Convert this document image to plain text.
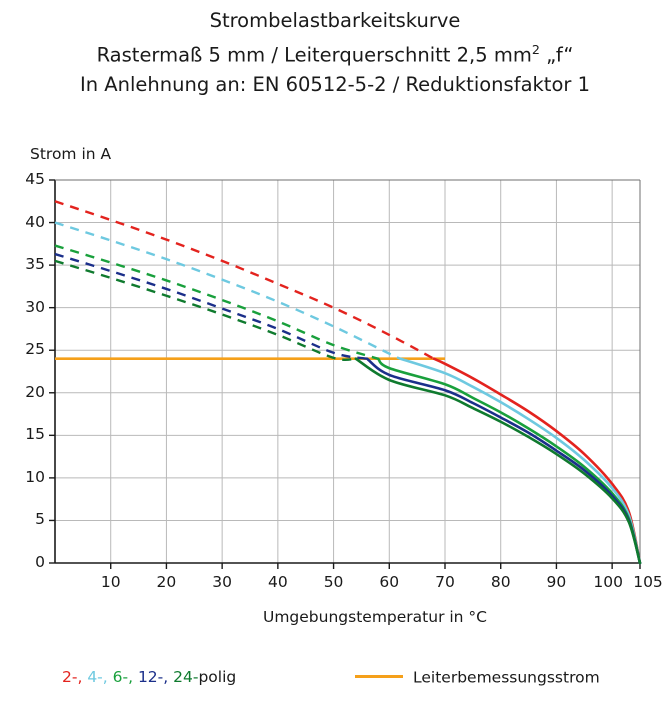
Strombelastbarkeitskurve
Rastermaß 5 mm / Leiterquerschnitt 2,5 $mm^2$ „f“
In Anlehnung an: EN 60512-5-2 / Reduktionsfaktor 1
Strom in A
Umgebungstemperatur in °C
0
5
10
15
20
25
30
35
40
45
10	20	30	40	50	60	70	80	90	100 105
2-, 4-, 6-, 12-, 24-polig	Leiterbemessungsstrom
